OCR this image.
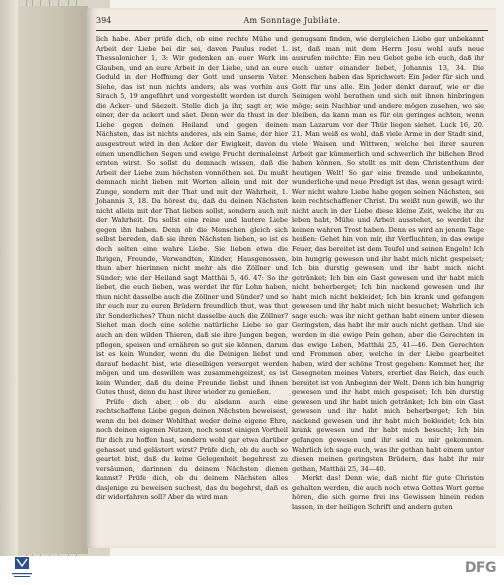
394	Am Sonntage Jubilate.

lich habe. Aber prüfe dich, ob eine rechte Mühe und Arbeit der Liebe bei dir sei, davon Paulus redet 1. Thessalonicher 1, 3: Wir gedenken an euer Werk im Glauben, und an eure Arbeit in der Liebe, und an eure Geduld in der Hoffnung der Gott und unserm Vater. Siehe, das ist nun nichts anders, als was vorhin aus Sirach 5, 19 angeführt und vorgestellt worden ist durch die Acker- und Säezeit. Stelle dich ja ihr, sagt er, wie einer, der da ackert und säet. Denn wer da thust in der Liebe gegen deinen Heiland und gegen deinen Nächsten, das ist nichts anderes, als ein Same, der hier ausgestreut wird in den Acker der Ewigkeit, davon du einen unendlichen Segen und ewige Frucht dermaleinst ernten wirst. So sollst du demnach wissen, daß die Arbeit der Liebe zum höchsten vonnöthen sei. Du mußt demnach nicht lieben mit Worten allein und mit der Zunge, sondern mit der That und mit der Wahrheit, 1. Johannis 3, 18. Da hörest du, daß du deinen Nächsten nicht allein mit der That lieben sollst, sondern auch mit der Wahrheit. Du sollst eine reine und lautere Liebe gegen ihn haben. Denn ob die Menschen gleich sich selbst bereden, daß sie ihren Nächsten lieben, so ist es doch selten eine wahre Liebe. Sie lieben etwa die Ihrigen, Freunde, Verwandten, Kinder, Hausgenossen, thun aber hierinnen nicht mehr als die Zöllner und Sünder; wie der Heiland sagt Matthäi 5, 46. 47: So ihr liebet, die euch lieben, was werdet ihr für Lohn haben, thun nicht dasselbe auch die Zöllner und Sünder? und so ihr euch nur zu euren Brüdern freundlich thut, was thut ihr Sonderliches? Thun nicht dasselbe auch die Zöllner? Siehet man doch eine solche natürliche Liebe so gar auch an den wilden Thieren, daß sie ihre Jungen begen, pflegen, speisen und ernähren so gut sie können, darum ist es kein Wunder, wenn du die Deinigen liebst und darauf bedacht bist, wie dieselbigen versorget werden mögen und um deswillen was zusammengeizest, es ist kein Wunder, daß du deine Freunde liebst und ihnen Gutes thust, denn du hast ihrer wieder zu genießen.

Prüfe dich aber, ob du alsdann auch eine rechtschaffene Liebe gegen deinen Nächsten beweisest, wenn du bei deiner Wohlthat weder deine eigene Ehre, noch deinen eigenen Nutzen, noch sonst einigen Vortheil für dich zu hoffen hast, sondern wohl gar etwa darüber gehasset und gelästert wirst? Prüfe dich, ob du auch so geartet bist, daß du keine Gelegenheit begehrest zu versäumen, darinnen du deinem Nächsten dienen kannst? Prüfe dich, ob du deinem Nächsten alles dasjenige zu beweisen suchest, das du begehrst, daß es dir widerfahren soll? Aber da wird man

genugsam finden, wie dergleichen Liebe gar unbekannt ist, daß man mit dem Herrn Jesu wohl aufs neue ausrufen möchte: Ein neu Gebot gebe ich euch, daß ihr euch unter einander liebet, Johannis 13, 34. Die Menschen haben das Sprichwort: Ein Jeder für sich und Gott für uns alle. Ein Jeder denkt darauf, wie er die Seinigen wohl berathen und sich mit ihnen hinbringen möge; sein Nachbar und andere mögen zusehen, wo sie bleiben, da kann man es für ein geringes achten, wenn man Lazarum vor der Thür liegen siehet. Luck 16, 20. 21. Man weiß es wohl, daß viele Arme in der Stadt sind, viele Waisen und Wittwen, welche bei ihrer sauren Arbeit gar kümmerlich und schwerlich ihr bißchen Brod haben können. So stellt es mit dem Christenthum der heutigen Welt! So gar eine fremde und unbekannte, wunderliche und neue Predigt ist das, wenn gesagt wird: Wer nicht wahre Liebe habe gegen seinen Nächsten, sei kein rechtschaffener Christ. Du weißt nun gewiß, wo ihr nicht auch in der Liebe diese kleine Zeit, welche ihr zu leben habt, Mühe und Arbeit ausstehet, so werdet ihr keinen wahren Trost haben. Denn es wird an jenem Tage heißen: Gehet hin von mir, ihr Verfluchten, in das ewige Feuer, das bereitet ist dem Teufel und seinen Engeln! Ich bin hungrig gewesen und ihr habt mich nicht gespeiset; Ich bin durstig gewesen und ihr habt mich nicht getränket; Ich bin ein Gast gewesen und ihr habt mich nicht beherberget; Ich bin nackend gewesen und ihr habt mich nicht bekleidet; Ich bin krank und gefangen gewesen und ihr habt mich nicht besuchet; Wahrlich ich sage euch: was ihr nicht gethan habt einem unter diesen Geringsten, das habt ihr mir auch nicht gethan. Und sie werden in die ewige Pein gehen, aber die Gerechten in das ewige Leben, Matthäi 25, 41—46. Den Gerechten und Frommen aber, welche in der Liebe gearbeitet haben, wird der schöne Trost gegeben: Kommet her, ihr Gesegneten meines Vaters, ererbet das Reich, das euch bereitet ist von Anbeginn der Welt. Denn ich bin hungrig gewesen und ihr habt mich gespeiset; Ich bin durstig gewesen und ihr habt mich getränket; Ich bin ein Gast gewesen und ihr habt mich beherberget; Ich bin nackend gewesen und ihr habt mich bekleidet; Ich bin krank gewesen und ihr habt mich besucht; Ich bin gefangen gewesen und ihr seid zu mir gekommen. Wahrlich ich sage euch, was ihr gethan habt einem unter diesen meinen geringsten Brüdern, das habt ihr mir gethan, Matthäi 25, 34—40.

Merkt das! Denn wie, daß nicht für gute Christen gehalten werden, die auch noch etwa Gottes Wort gerne hören, die sich gerne frei ins Gewissen hinein reden lassen, in der heiligen Schrift und andern guten

DFG
